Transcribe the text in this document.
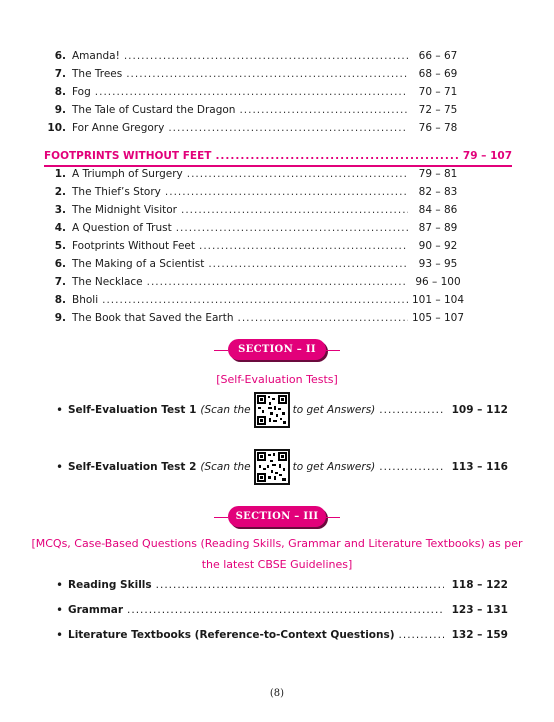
6. Amanda! .....	66 – 67
7. The Trees .....	68 – 69
8. Fog .....	70 – 71
9. The Tale of Custard the Dragon .....	72 – 75
10. For Anne Gregory .....	76 – 78
FOOTPRINTS WITHOUT FEET .....	79 – 107
1. A Triumph of Surgery .....	79 – 81
2. The Thief’s Story .....	82 – 83
3. The Midnight Visitor .....	84 – 86
4. A Question of Trust .....	87 – 89
5. Footprints Without Feet .....	90 – 92
6. The Making of a Scientist .....	93 – 95
7. The Necklace .....	96 – 100
8. Bholi .....	101 – 104
9. The Book that Saved the Earth .....	105 – 107
SECTION – II
[Self-Evaluation Tests]
• Self-Evaluation Test 1 (Scan the	to get Answers) .....	109 – 112
• Self-Evaluation Test 2 (Scan the	to get Answers) .....	113 – 116
SECTION – III
[MCQs, Case-Based Questions (Reading Skills, Grammar and Literature Textbooks) as per
the latest CBSE Guidelines]
• Reading Skills .....	118 – 122
• Grammar .....	123 – 131
• Literature Textbooks (Reference-to-Context Questions) .....	132 – 159
(8)
